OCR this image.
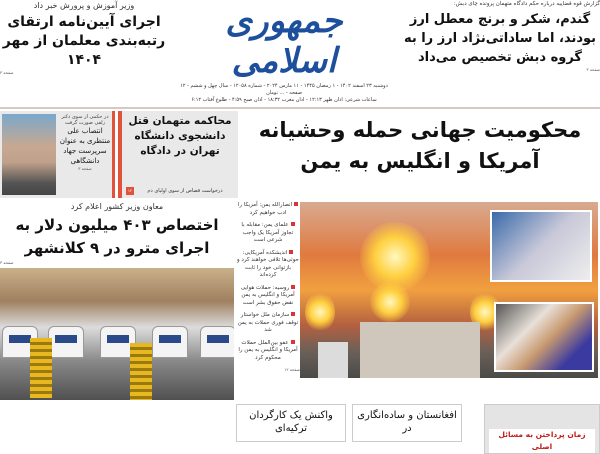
وزیر آموزش و پرورش خبر داد
اجرای آیین‌نامه ارتقای رتبه‌بندی معلمان از مهر ۱۴۰۴
صفحه ۳
جمهوری اسلامی
دوشنبه ۲۳ اسفند ۱۴۰۲ - ۱ رمضان ۱۴۴۵ - ۱۱ مارس ۲۰۲۴ - شماره ۱۲۰۵۸ - سال چهل و ششم - ۱۲ صفحه - ... تومان
ساعات شرعی: اذان ظهر ۱۲:۱۳ - اذان مغرب ۱۸:۳۲ - اذان صبح ۴:۵۹ - طلوع آفتاب ۶:۱۲
گزارش قوه قضاییه درباره حکم دادگاه متهمان پرونده چای دبش:
گندم، شکر و برنج معطل ارز بودند، اما ساداتی‌نژاد ارز را به گروه دبش تخصیص می‌داد
صفحه ۳
در حکمی از سوی دکتر زلفی صورت گرفت
انتصاب علی منتظری به عنوان سرپرست جهاد دانشگاهی
صفحه ۳
محاکمه متهمان قتل دانشجوی دانشگاه تهران در دادگاه
۱۲	درخواست قصاص از سوی اولیای دم
محکومیت جهانی حمله وحشیانه آمریکا و انگلیس به یمن
معاون وزیر کشور اعلام کرد
اختصاص ۴۰۳ میلیون دلار به اجرای مترو در ۹ کلانشهر
صفحه ۳
انصارالله یمن: آمریکا را ادب خواهیم کرد
علمای یمن: مقابله با تجاوز آمریکا یک واجب شرعی است
اندیشکده آمریکایی: حوثی‌ها تلافی خواهند کرد و بازتوانی خود را ثابت کرده‌اند
روسیه: حملات هوایی آمریکا و انگلیس به یمن نقض حقوق بشر است
سازمان ملل خواستار توقف فوری حملات به یمن شد
عفو بین‌الملل حملات آمریکا و انگلیس به یمن را محکوم کرد
صفحه ۱۲
واکنش یک کارگردان ترکیه‌ای
افغانستان و ساده‌انگاری در
زمان پرداختن به مسائل اصلی
